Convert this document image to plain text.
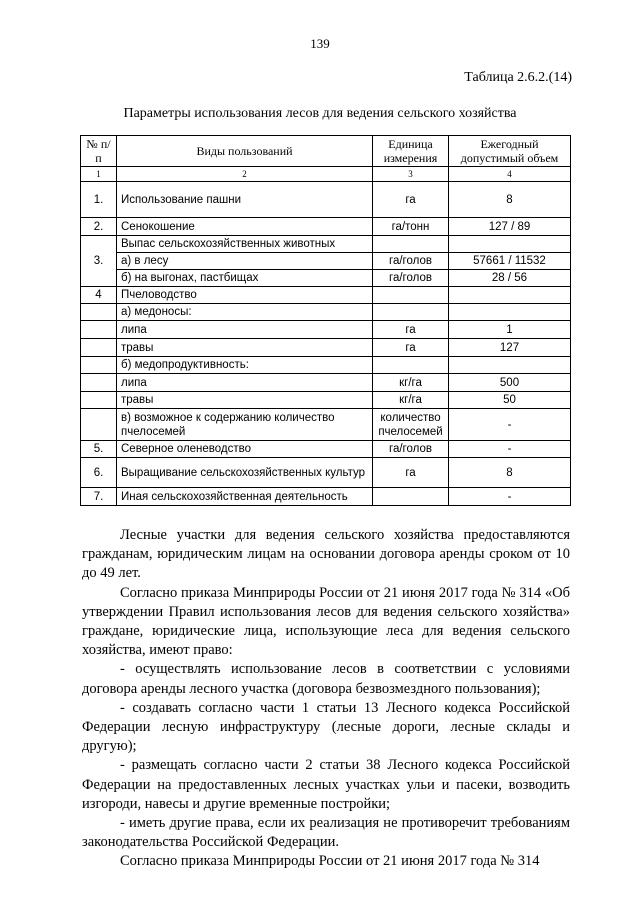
139
Таблица 2.6.2.(14)
Параметры использования лесов для ведения сельского хозяйства
№ п/п	Виды пользований	Единица измерения	Ежегодный допустимый объем
1	2	3	4
1.	Использование пашни	га	8
2.	Сенокошение	га/тонн	127 / 89
3.	Выпас сельскохозяйственных животных		
	а) в лесу	га/голов	57661 / 11532
	б) на выгонах, пастбищах	га/голов	28 / 56
4	Пчеловодство		
	а) медоносы:		
	липа	га	1
	травы	га	127
	б) медопродуктивность:		
	липа	кг/га	500
	травы	кг/га	50
	в) возможное к содержанию количество пчелосемей	количество пчелосемей	-
5.	Северное оленеводство	га/голов	-
6.	Выращивание сельскохозяйственных культур	га	8
7.	Иная сельскохозяйственная деятельность		-

Лесные участки для ведения сельского хозяйства предоставляются гражданам, юридическим лицам на основании договора аренды сроком от 10 до 49 лет.

Согласно приказа Минприроды России от 21 июня 2017 года № 314 «Об утверждении Правил использования лесов для ведения сельского хозяйства» граждане, юридические лица, использующие леса для ведения сельского хозяйства, имеют право:

- осуществлять использование лесов в соответствии с условиями договора аренды лесного участка (договора безвозмездного пользования);

- создавать согласно части 1 статьи 13 Лесного кодекса Российской Федерации лесную инфраструктуру (лесные дороги, лесные склады и другую);

- размещать согласно части 2 статьи 38 Лесного кодекса Российской Федерации на предоставленных лесных участках ульи и пасеки, возводить изгороди, навесы и другие временные постройки;

- иметь другие права, если их реализация не противоречит требованиям законодательства Российской Федерации.

Согласно приказа Минприроды России от 21 июня 2017 года № 314
